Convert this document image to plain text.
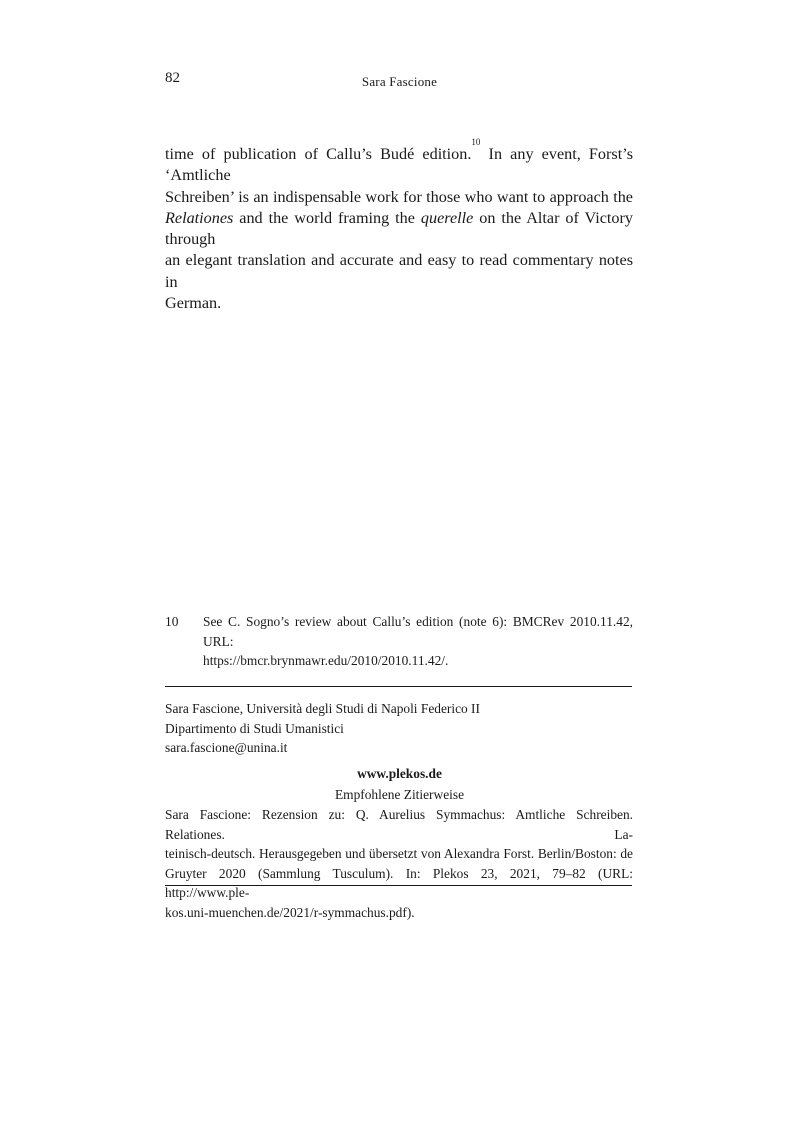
82	Sara Fascione
time of publication of Callu’s Budé edition.$^{10}$ In any event, Forst’s ‘Amtliche
Schreiben’ is an indispensable work for those who want to approach the
Relationes and the world framing the querelle on the Altar of Victory through
an elegant translation and accurate and easy to read commentary notes in
German.
10 See C. Sogno’s review about Callu’s edition (note 6): BMCRev 2010.11.42, URL:
https://bmcr.brynmawr.edu/2010/2010.11.42/.
Sara Fascione, Università degli Studi di Napoli Federico II
Dipartimento di Studi Umanistici
sara.fascione@unina.it
www.plekos.de
Empfohlene Zitierweise
Sara Fascione: Rezension zu: Q. Aurelius Symmachus: Amtliche Schreiben. Relationes. La-
teinisch-deutsch. Herausgegeben und übersetzt von Alexandra Forst. Berlin/Boston: de
Gruyter 2020 (Sammlung Tusculum). In: Plekos 23, 2021, 79–82 (URL: http://www.ple-
kos.uni-muenchen.de/2021/r-symmachus.pdf).
